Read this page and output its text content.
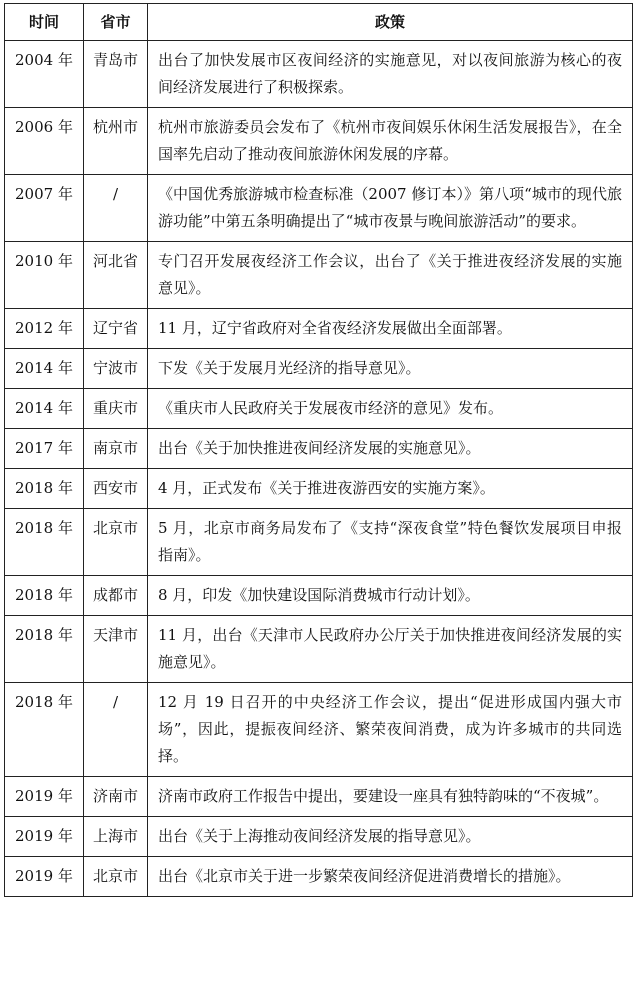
时间	省市	政策
2004 年	青岛市	出台了加快发展市区夜间经济的实施意见，对以夜间旅游为核心的夜间经济发展进行了积极探索。
2006 年	杭州市	杭州市旅游委员会发布了《杭州市夜间娱乐休闲生活发展报告》，在全国率先启动了推动夜间旅游休闲发展的序幕。
2007 年	/	《中国优秀旅游城市检查标准（2007 修订本）》第八项“城市的现代旅游功能”中第五条明确提出了“城市夜景与晚间旅游活动”的要求。
2010 年	河北省	专门召开发展夜经济工作会议，出台了《关于推进夜经济发展的实施意见》。
2012 年	辽宁省	11 月，辽宁省政府对全省夜经济发展做出全面部署。
2014 年	宁波市	下发《关于发展月光经济的指导意见》。
2014 年	重庆市	《重庆市人民政府关于发展夜市经济的意见》发布。
2017 年	南京市	出台《关于加快推进夜间经济发展的实施意见》。
2018 年	西安市	4 月，正式发布《关于推进夜游西安的实施方案》。
2018 年	北京市	5 月，北京市商务局发布了《支持“深夜食堂”特色餐饮发展项目申报指南》。
2018 年	成都市	8 月，印发《加快建设国际消费城市行动计划》。
2018 年	天津市	11 月，出台《天津市人民政府办公厅关于加快推进夜间经济发展的实施意见》。
2018 年	/	12 月 19 日召开的中央经济工作会议，提出“促进形成国内强大市场”，因此，提振夜间经济、繁荣夜间消费，成为许多城市的共同选择。
2019 年	济南市	济南市政府工作报告中提出，要建设一座具有独特韵味的“不夜城”。
2019 年	上海市	出台《关于上海推动夜间经济发展的指导意见》。
2019 年	北京市	出台《北京市关于进一步繁荣夜间经济促进消费增长的措施》。
